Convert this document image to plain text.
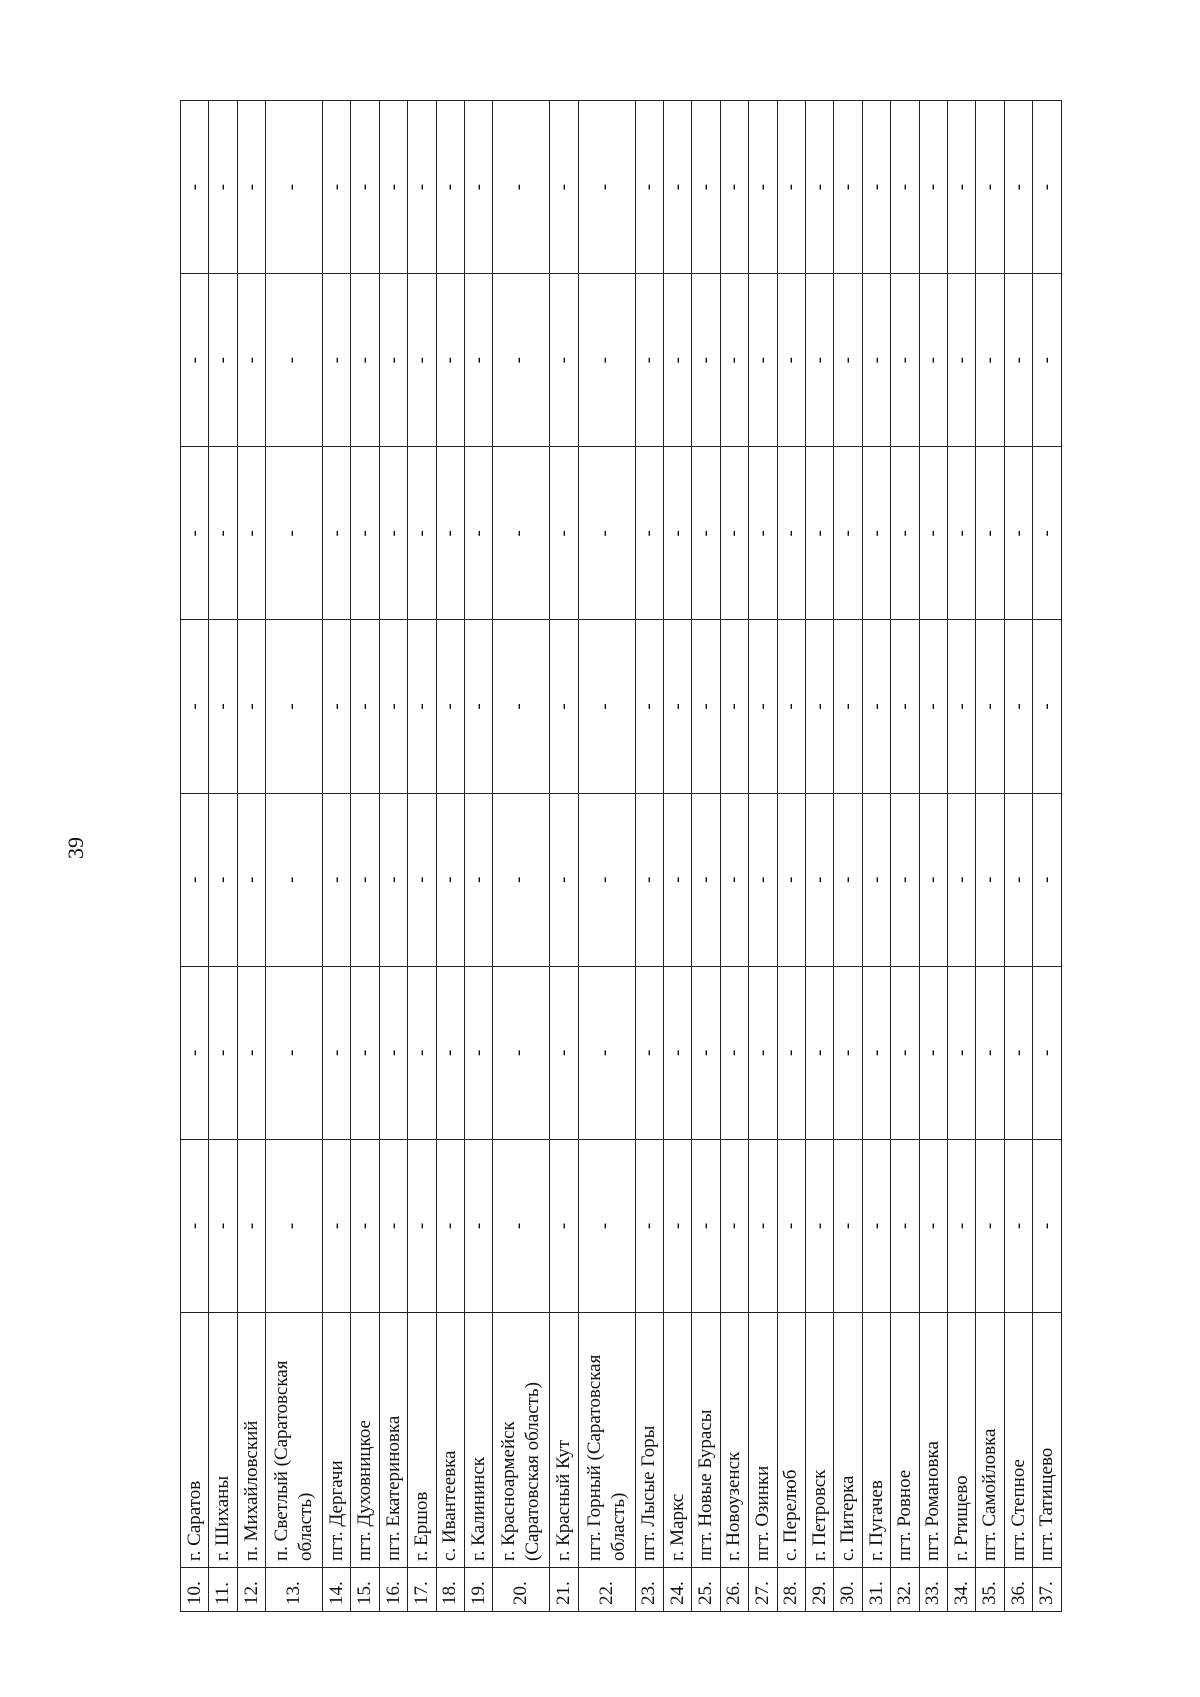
39
10.	г. Саратов	-	-	-	-	-	-	-
11.	г. Шиханы	-	-	-	-	-	-	-
12.	п. Михайловский	-	-	-	-	-	-	-
13.	п. Светлый (Саратовская область)	-	-	-	-	-	-	-
14.	пгт. Дергачи	-	-	-	-	-	-	-
15.	пгт. Духовницкое	-	-	-	-	-	-	-
16.	пгт. Екатериновка	-	-	-	-	-	-	-
17.	г. Ершов	-	-	-	-	-	-	-
18.	с. Ивантеевка	-	-	-	-	-	-	-
19.	г. Калининск	-	-	-	-	-	-	-
20.	г. Красноармейск (Саратовская область)	-	-	-	-	-	-	-
21.	г. Красный Кут	-	-	-	-	-	-	-
22.	пгт. Горный (Саратовская область)	-	-	-	-	-	-	-
23.	пгт. Лысые Горы	-	-	-	-	-	-	-
24.	г. Маркс	-	-	-	-	-	-	-
25.	пгт. Новые Бурасы	-	-	-	-	-	-	-
26.	г. Новоузенск	-	-	-	-	-	-	-
27.	пгт. Озинки	-	-	-	-	-	-	-
28.	с. Перелюб	-	-	-	-	-	-	-
29.	г. Петровск	-	-	-	-	-	-	-
30.	с. Питерка	-	-	-	-	-	-	-
31.	г. Пугачев	-	-	-	-	-	-	-
32.	пгт. Ровное	-	-	-	-	-	-	-
33.	пгт. Романовка	-	-	-	-	-	-	-
34.	г. Ртищево	-	-	-	-	-	-	-
35.	пгт. Самойловка	-	-	-	-	-	-	-
36.	пгт. Степное	-	-	-	-	-	-	-
37.	пгт. Татищево	-	-	-	-	-	-	-
